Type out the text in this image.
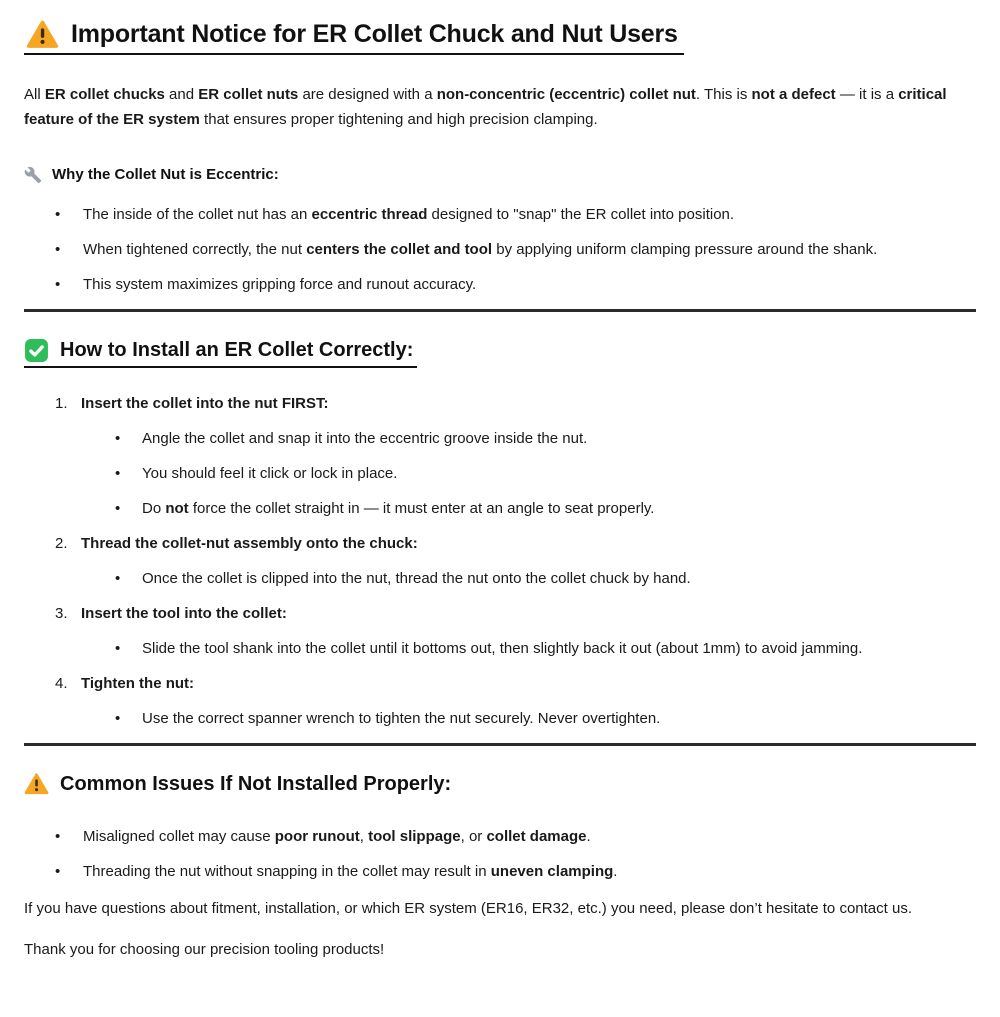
Important Notice for ER Collet Chuck and Nut Users

All ER collet chucks and ER collet nuts are designed with a non-concentric (eccentric) collet nut. This is not a defect — it is a critical feature of the ER system that ensures proper tightening and high precision clamping.

Why the Collet Nut is Eccentric:
•	The inside of the collet nut has an eccentric thread designed to "snap" the ER collet into position.
•	When tightened correctly, the nut centers the collet and tool by applying uniform clamping pressure around the shank.
•	This system maximizes gripping force and runout accuracy.
How to Install an ER Collet Correctly:
1. Insert the collet into the nut FIRST:
•	Angle the collet and snap it into the eccentric groove inside the nut.
•	You should feel it click or lock in place.
•	Do not force the collet straight in — it must enter at an angle to seat properly.
2. Thread the collet-nut assembly onto the chuck:
•	Once the collet is clipped into the nut, thread the nut onto the collet chuck by hand.
3. Insert the tool into the collet:
•	Slide the tool shank into the collet until it bottoms out, then slightly back it out (about 1mm) to avoid jamming.
4. Tighten the nut:
•	Use the correct spanner wrench to tighten the nut securely. Never overtighten.
Common Issues If Not Installed Properly:
•	Misaligned collet may cause poor runout, tool slippage, or collet damage.
•	Threading the nut without snapping in the collet may result in uneven clamping.

If you have questions about fitment, installation, or which ER system (ER16, ER32, etc.) you need, please don’t hesitate to contact us.

Thank you for choosing our precision tooling products!
